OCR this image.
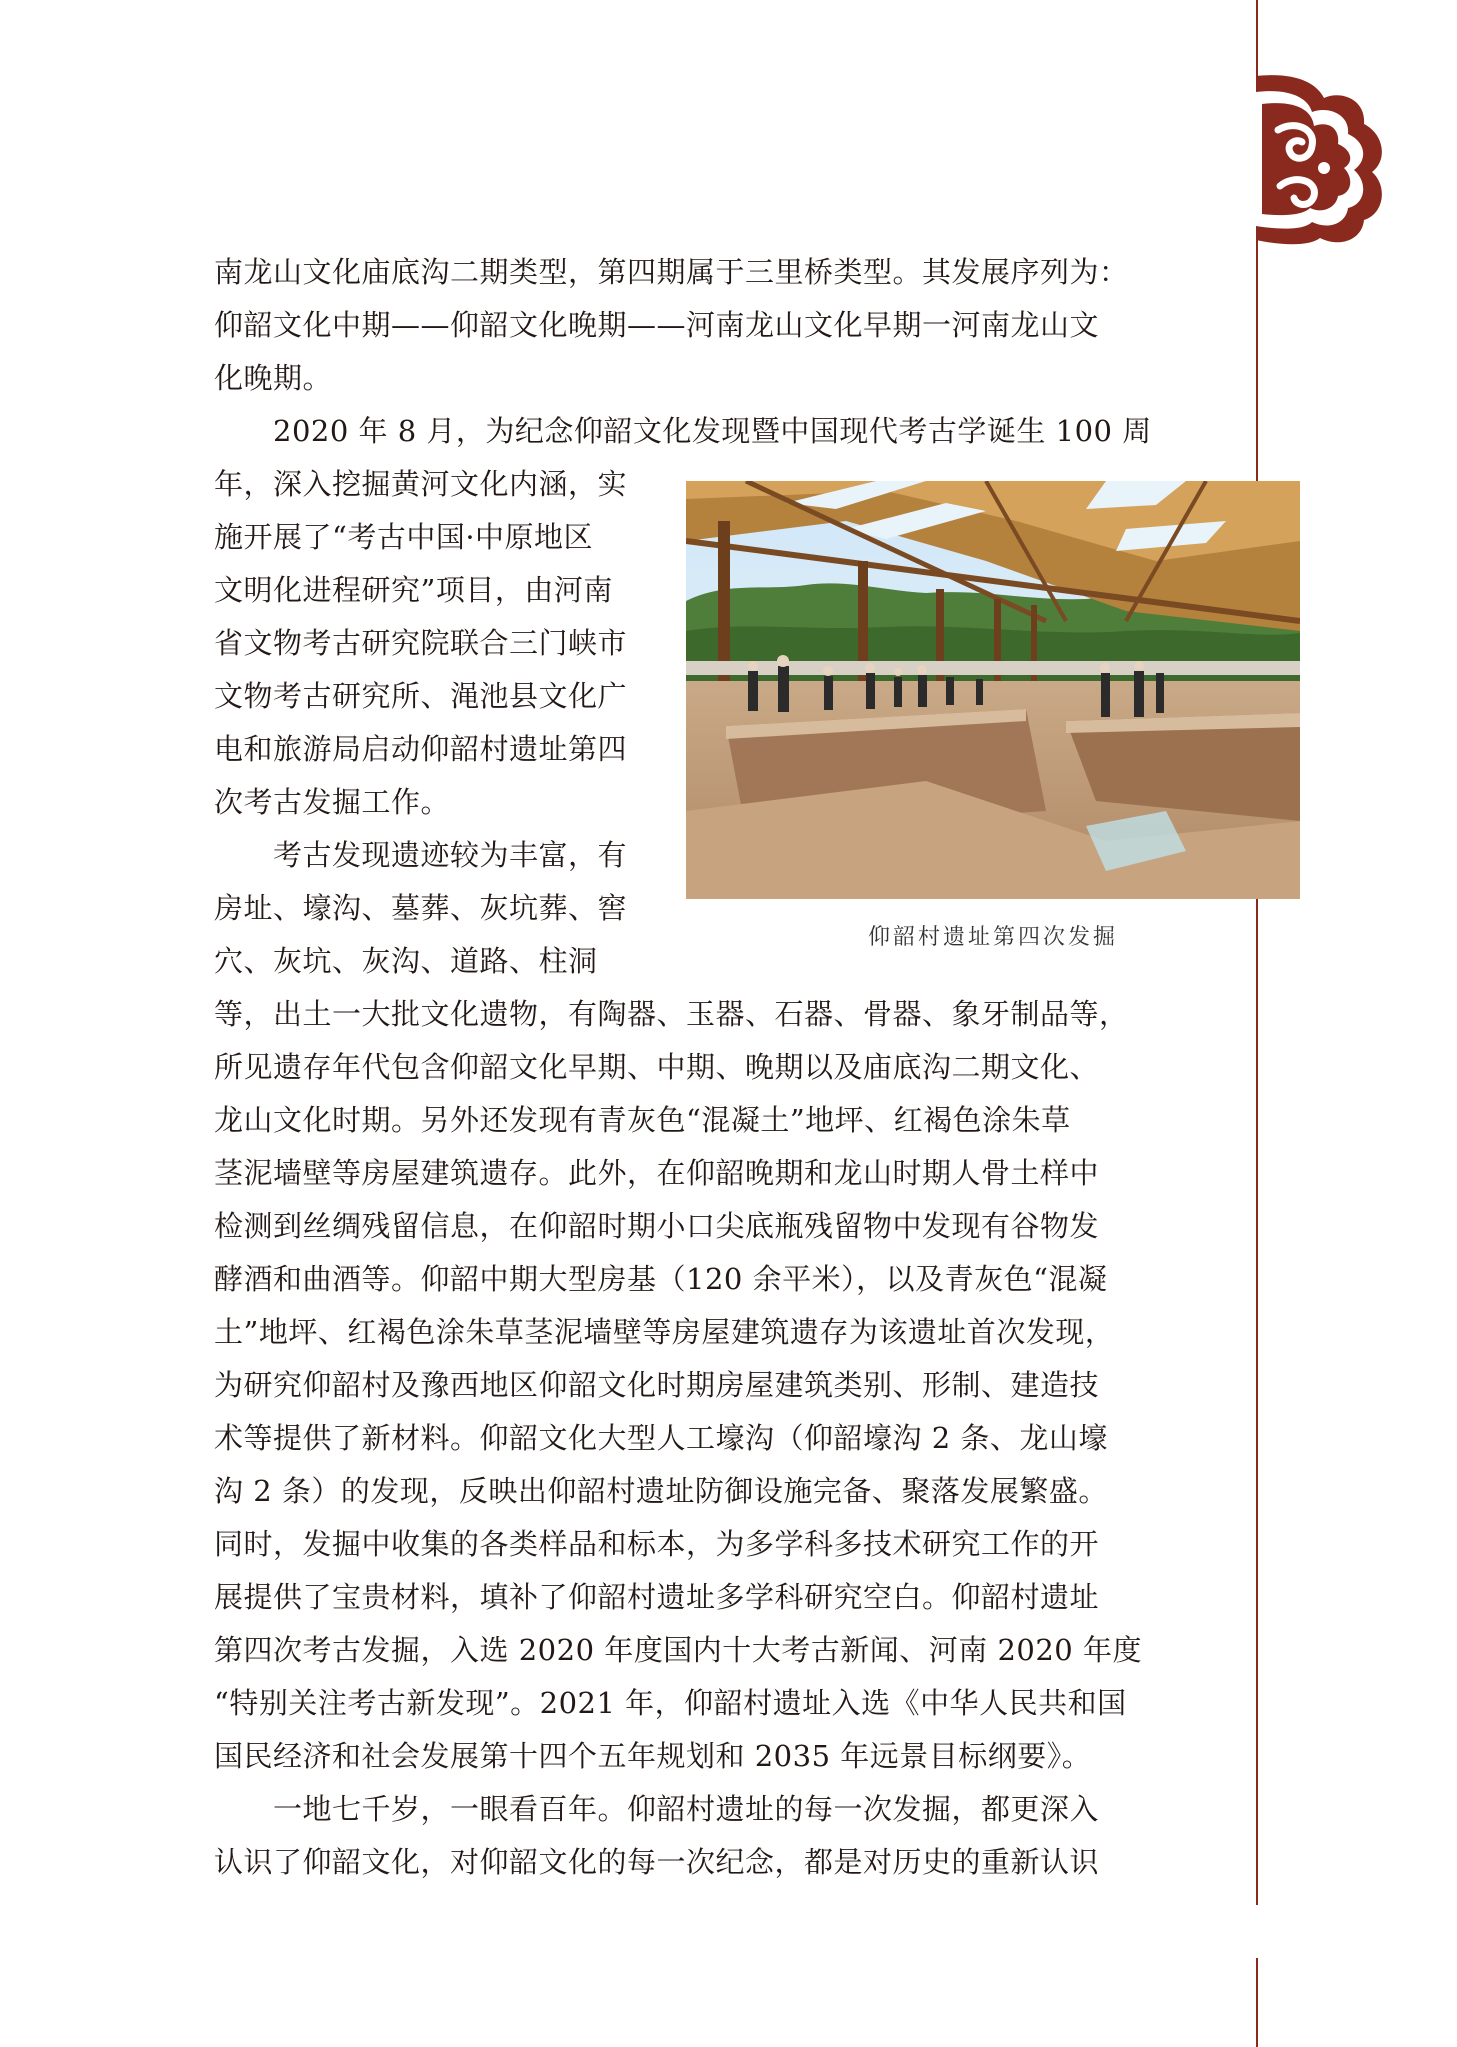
南龙山文化庙底沟二期类型，第四期属于三里桥类型。其发展序列为：

仰韶文化中期——仰韶文化晚期——河南龙山文化早期一河南龙山文

化晚期。

　　2020 年 8 月，为纪念仰韶文化发现暨中国现代考古学诞生 100 周

年，深入挖掘黄河文化内涵，实

施开展了“考古中国·中原地区

文明化进程研究”项目，由河南

省文物考古研究院联合三门峡市

文物考古研究所、渑池县文化广

电和旅游局启动仰韶村遗址第四

次考古发掘工作。

　　考古发现遗迹较为丰富，有

房址、壕沟、墓葬、灰坑葬、窖

穴、灰坑、灰沟、道路、柱洞

等，出土一大批文化遗物，有陶器、玉器、石器、骨器、象牙制品等，

所见遗存年代包含仰韶文化早期、中期、晚期以及庙底沟二期文化、

龙山文化时期。另外还发现有青灰色“混凝土”地坪、红褐色涂朱草

茎泥墙壁等房屋建筑遗存。此外，在仰韶晚期和龙山时期人骨土样中

检测到丝绸残留信息，在仰韶时期小口尖底瓶残留物中发现有谷物发

酵酒和曲酒等。仰韶中期大型房基（120 余平米），以及青灰色“混凝

土”地坪、红褐色涂朱草茎泥墙壁等房屋建筑遗存为该遗址首次发现，

为研究仰韶村及豫西地区仰韶文化时期房屋建筑类别、形制、建造技

术等提供了新材料。仰韶文化大型人工壕沟（仰韶壕沟 2 条、龙山壕

沟 2 条）的发现，反映出仰韶村遗址防御设施完备、聚落发展繁盛。

同时，发掘中收集的各类样品和标本，为多学科多技术研究工作的开

展提供了宝贵材料，填补了仰韶村遗址多学科研究空白。仰韶村遗址

第四次考古发掘，入选 2020 年度国内十大考古新闻、河南 2020 年度

“特别关注考古新发现”。2021 年，仰韶村遗址入选《中华人民共和国

国民经济和社会发展第十四个五年规划和 2035 年远景目标纲要》。

　　一地七千岁，一眼看百年。仰韶村遗址的每一次发掘，都更深入

认识了仰韶文化，对仰韶文化的每一次纪念，都是对历史的重新认识

仰韶村遗址第四次发掘
